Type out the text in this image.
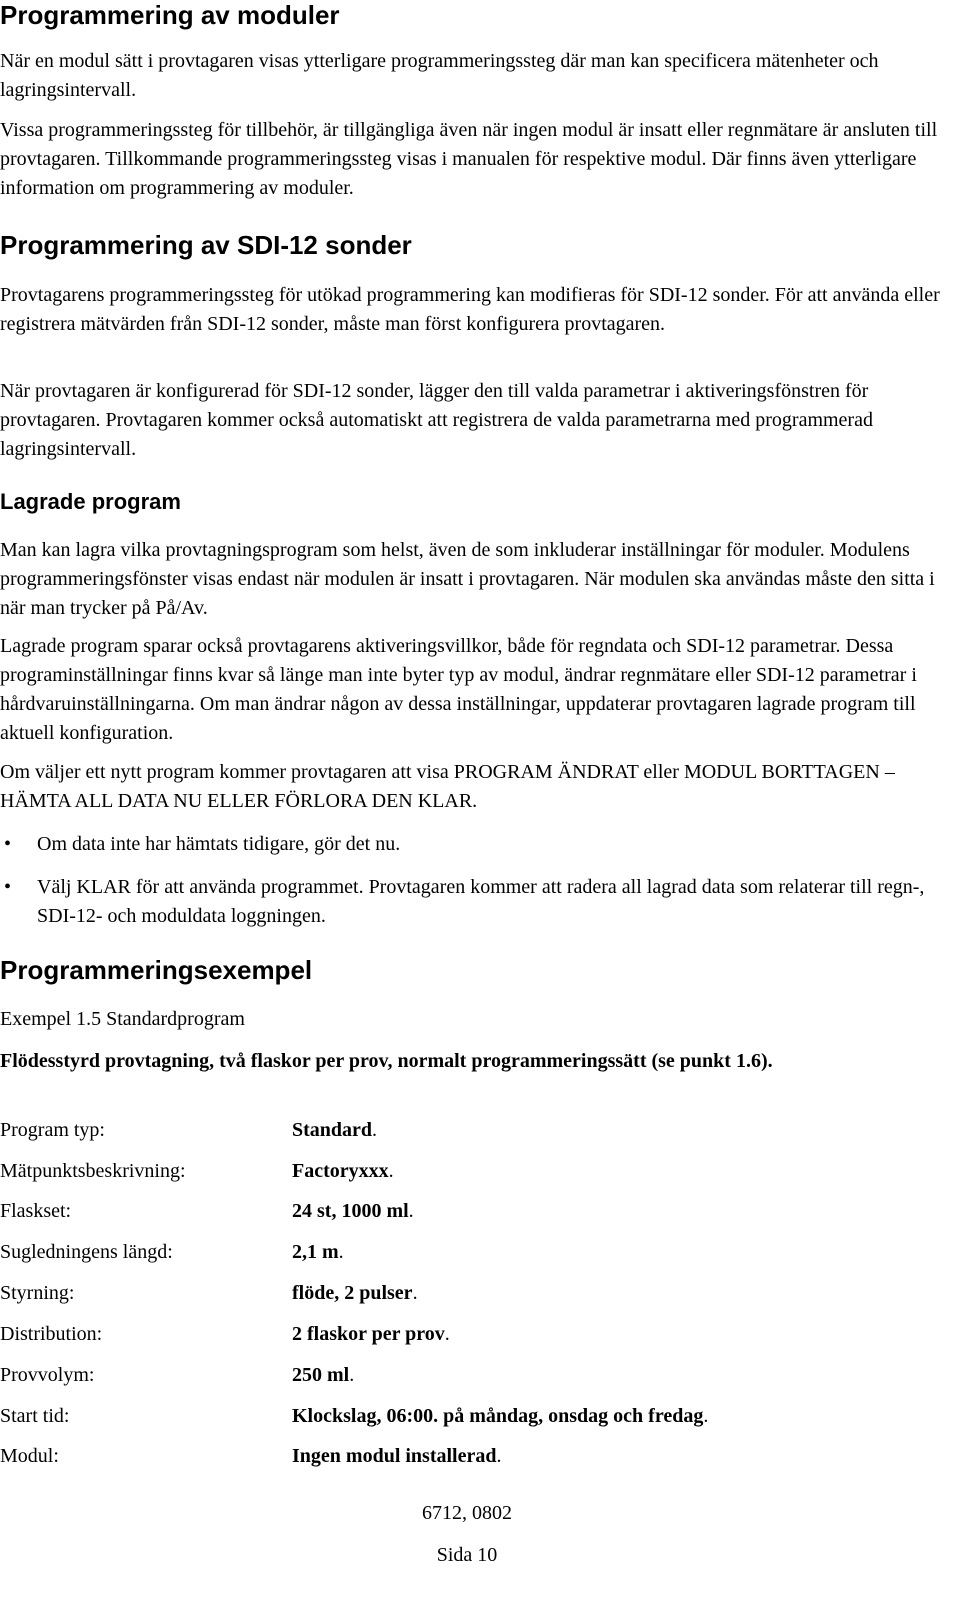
Programmering av moduler

När en modul sätt i provtagaren visas ytterligare programmeringssteg där man kan specificera mätenheter och lagringsintervall.

Vissa programmeringssteg för tillbehör, är tillgängliga även när ingen modul är insatt eller regnmätare är ansluten till provtagaren. Tillkommande programmeringssteg visas i manualen för respektive modul. Där finns även ytterligare information om programmering av moduler.

Programmering av SDI-12 sonder

Provtagarens programmeringssteg för utökad programmering kan modifieras för SDI-12 sonder. För att använda eller registrera mätvärden från SDI-12 sonder, måste man först konfigurera provtagaren.

När provtagaren är konfigurerad för SDI-12 sonder, lägger den till valda parametrar i aktiveringsfönstren för provtagaren. Provtagaren kommer också automatiskt att registrera de valda parametrarna med programmerad lagringsintervall.

Lagrade program

Man kan lagra vilka provtagningsprogram som helst, även de som inkluderar inställningar för moduler. Modulens programmeringsfönster visas endast när modulen är insatt i provtagaren. När modulen ska användas måste den sitta i när man trycker på På/Av.

Lagrade program sparar också provtagarens aktiveringsvillkor, både för regndata och SDI-12 parametrar. Dessa programinställningar finns kvar så länge man inte byter typ av modul, ändrar regnmätare eller SDI-12 parametrar i hårdvaruinställningarna. Om man ändrar någon av dessa inställningar, uppdaterar provtagaren lagrade program till aktuell konfiguration.

Om väljer ett nytt program kommer provtagaren att visa PROGRAM ÄNDRAT eller MODUL BORTTAGEN – HÄMTA ALL DATA NU ELLER FÖRLORA DEN KLAR.

• Om data inte har hämtats tidigare, gör det nu.
• Välj KLAR för att använda programmet. Provtagaren kommer att radera all lagrad data som relaterar till regn-, SDI-12- och moduldata loggningen.
Programmeringsexempel
Exempel 1.5 Standardprogram

Flödesstyrd provtagning, två flaskor per prov, normalt programmeringssätt (se punkt 1.6).

Program typ:	Standard.
Mätpunktsbeskrivning:	Factoryxxx.
Flaskset:	24 st, 1000 ml.
Sugledningens längd:	2,1 m.
Styrning:	flöde, 2 pulser.
Distribution:	2 flaskor per prov.
Provvolym:	250 ml.
Start tid:	Klockslag, 06:00. på måndag, onsdag och fredag.
Modul:	Ingen modul installerad.
6712, 0802
Sida 10
